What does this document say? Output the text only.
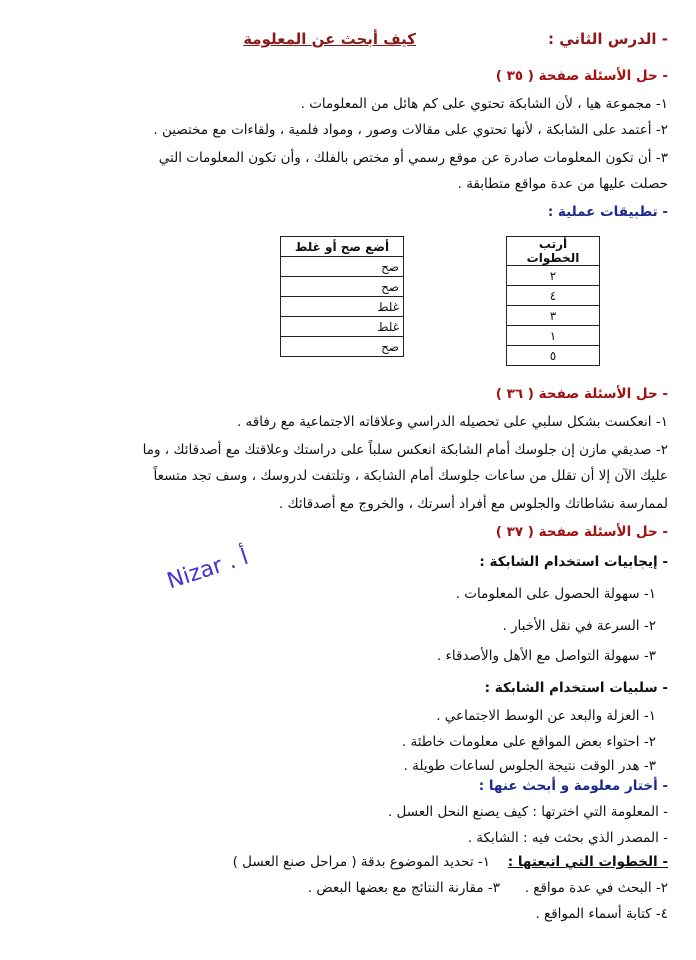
- الدرس الثاني :
كيف أبحث عن المعلومة
- حل الأسئلة صفحة ( ٣٥ )
١- مجموعة هيا ، لأن الشابكة تحتوي على كم هائل من المعلومات .
٢- أعتمد على الشابكة ، لأنها تحتوي على مقالات وصور ، ومواد فلمية ، ولقاءات مع مختصين .
٣- أن تكون المعلومات صادرة عن موقع رسمي أو مختص بالفلك ، وأن تكون المعلومات التي
حصلت عليها من عدة مواقع متطابقة .
- تطبيقات عملية :
أرتب الخطوات
٢
٤
٣
١
٥
أضع صح أو غلط
صح
صح
غلط
غلط
صح
- حل الأسئلة صفحة ( ٣٦ )
١- انعكست بشكل سلبي على تحصيله الدراسي وعلاقاته الاجتماعية مع رفاقه .
٢- صديقي مازن إن جلوسك أمام الشابكة انعكس سلباً على دراستك وعلاقتك مع أصدقائك ، وما
عليك الآن إلا أن تقلل من ساعات جلوسك أمام الشابكة ، وتلتفت لدروسك ، وسف تجد متسعاً
لممارسة نشاطاتك والجلوس مع أفراد أسرتك ، والخروج مع أصدقائك .
- حل الأسئلة صفحة ( ٣٧ )
- إيجابيات استخدام الشابكة :
١- سهولة الحصول على المعلومات .
٢- السرعة في نقل الأخبار .
٣- سهولة التواصل مع الأهل والأصدقاء .
- سلبيات استخدام الشابكة :
١- العزلة والبعد عن الوسط الاجتماعي .
٢- احتواء بعض المواقع على معلومات خاطئة .
٣- هدر الوقت نتيجة الجلوس لساعات طويلة .
- أختار معلومة و أبحث عنها :
- المعلومة التي اخترتها : كيف يصنع النحل العسل .
- المصدر الذي بحثت فيه : الشابكة .
- الخطوات التي اتبعتها :
١- تحديد الموضوع بدقة ( مراحل صنع العسل )
٢- البحث في عدة مواقع .
٣- مقارنة النتائج مع بعضها البعض .
٤- كتابة أسماء المواقع .
Nizar . أ
